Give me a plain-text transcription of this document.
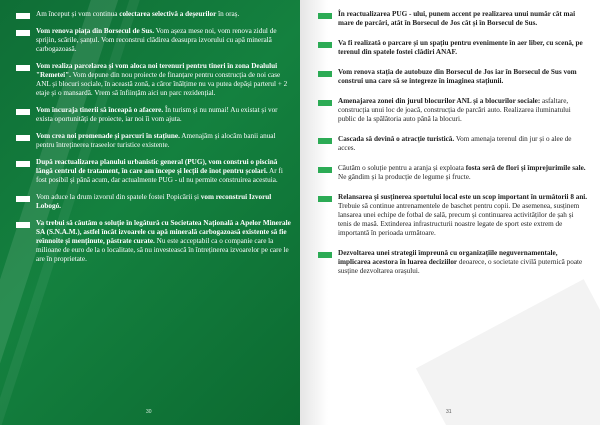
Am început și vom continua colectarea selectivă a deșeurilor în oraș.
Vom renova piața din Borsecul de Sus. Vom așeza mese noi, vom renova zidul de sprijin, scările, șanțul. Vom reconstrui clădirea deasupra izvorului cu apă minerală carbogazoasă.
Vom realiza parcelarea și vom aloca noi terenuri pentru tineri în zona Dealului "Remetei". Vom depune din nou proiecte de finanțare pentru construcția de noi case ANL și blocuri sociale, în această zonă, a căror înălțime nu va putea depăși parterul + 2 etaje și o mansardă. Vrem să înființăm aici un parc rezidențial.
Vom încuraja tinerii să înceapă o afacere. În turism și nu numai! Au existat și vor exista oportunități de proiecte, iar noi îi vom ajuta.
Vom crea noi promenade și parcuri în stațiune. Amenajăm și alocăm banii anual pentru întreținerea traseelor turistice existente.
După reactualizarea planului urbanistic general (PUG), vom construi o piscină lângă centrul de tratament, în care am începe și lecții de înot pentru școlari. Ar fi fost posibil și până acum, dar actualmente PUG - ul nu permite construirea acestuia.
Vom aduce la drum izvorul din spatele fostei Popicării și vom reconstrui Izvorul Lobogó.
Va trebui să căutăm o soluție în legătură cu Societatea Națională a Apelor Minerale SA (S.N.A.M.), astfel încât izvoarele cu apă minerală carbogazoasă existente să fie reînnoite și menținute, păstrate curate. Nu este acceptabil ca o companie care la milioane de euro de la o localitate, să nu investească în întreținerea izvoarelor pe care le are în proprietate.
În reactualizarea PUG - ului, punem accent pe realizarea unui număr cât mai mare de parcări, atât în Borsecul de Jos cât și în Borsecul de Sus.
Va fi realizată o parcare și un spațiu pentru evenimente în aer liber, cu scenă, pe terenul din spatele fostei clădiri ANAF.
Vom renova stația de autobuze din Borsecul de Jos iar în Borsecul de Sus vom construi una care să se integreze în imaginea stațiunii.
Amenajarea zonei din jurul blocurilor ANL și a blocurilor sociale: asfaltare, construcția unui loc de joacă, construcția de parcări auto. Realizarea iluminatului public de la spălătoria auto până la blocuri.
Cascada să devină o atracție turistică. Vom amenaja terenul din jur și o alee de acces.
Căutăm o soluție pentru a aranja și exploata fosta seră de flori și împrejurimile sale. Ne gândim și la producție de legume și fructe.
Relansarea și susținerea sportului local este un scop important în următorii 8 ani. Trebuie să continue antrenamentele de baschet pentru copii. De asemenea, susținem lansarea unei echipe de fotbal de sală, precum și continuarea activităților de șah și tenis de masă. Extinderea infrastructurii noastre legate de sport este extrem de importantă în perioada următoare.
Dezvoltarea unei strategii împreună cu organizațiile neguvernamentale, implicarea acestora în luarea deciziilor deoarece, o societate civilă puternică poate susține dezvoltarea orașului.
30	31
